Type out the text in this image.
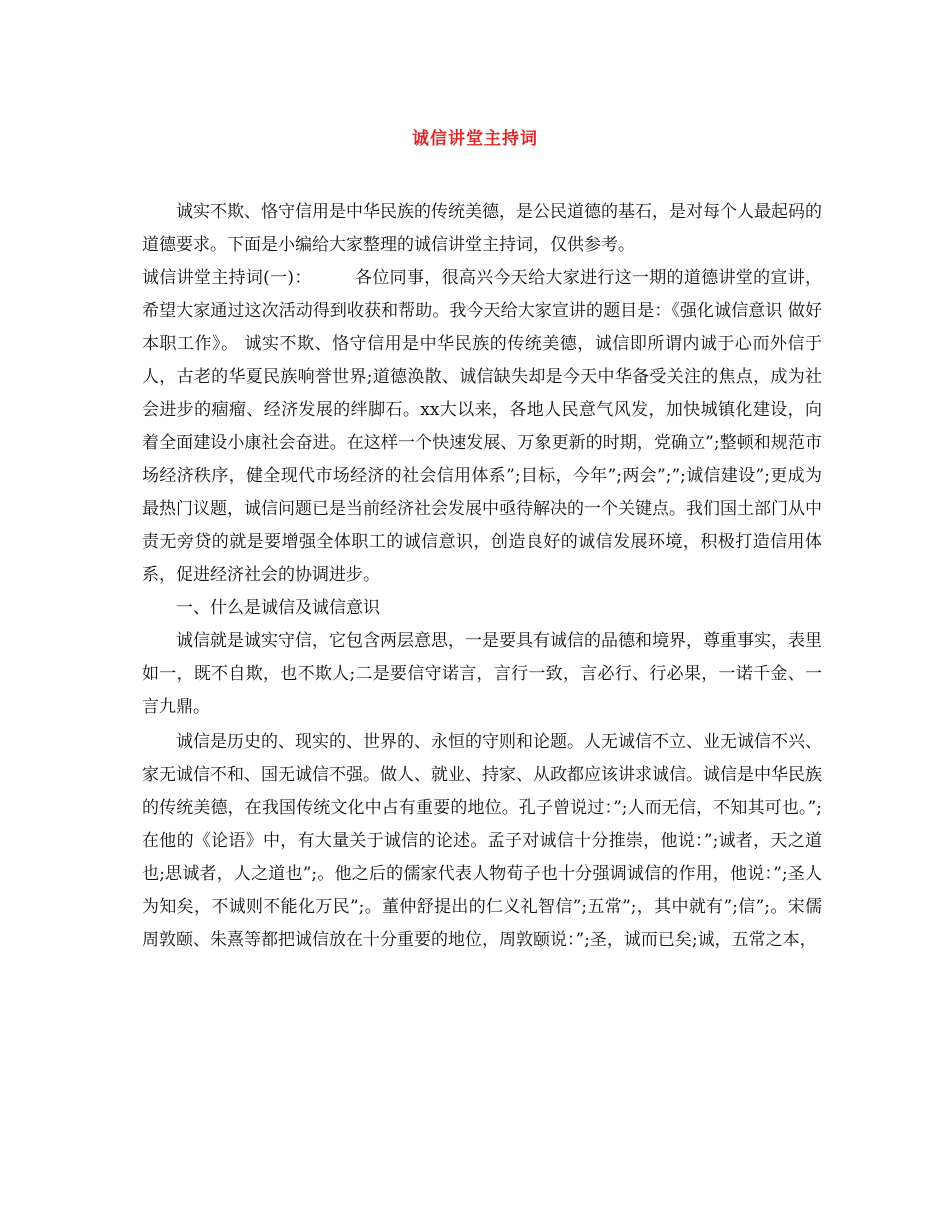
诚信讲堂主持词

诚实不欺、恪守信用是中华民族的传统美德，是公民道德的基石，是对每个人最起码的道德要求。下面是小编给大家整理的诚信讲堂主持词，仅供参考。

诚信讲堂主持词(一)：　　　各位同事，很高兴今天给大家进行这一期的道德讲堂的宣讲，希望大家通过这次活动得到收获和帮助。我今天给大家宣讲的题目是：《强化诚信意识 做好本职工作》。 诚实不欺、恪守信用是中华民族的传统美德，诚信即所谓内诚于心而外信于人，古老的华夏民族响誉世界;道德涣散、诚信缺失却是今天中华备受关注的焦点，成为社会进步的痼瘤、经济发展的绊脚石。xx大以来，各地人民意气风发，加快城镇化建设，向着全面建设小康社会奋进。在这样一个快速发展、万象更新的时期，党确立”;整顿和规范市场经济秩序，健全现代市场经济的社会信用体系”;目标，今年”;两会”;”;诚信建设”;更成为最热门议题，诚信问题已是当前经济社会发展中亟待解决的一个关键点。我们国土部门从中责无旁贷的就是要增强全体职工的诚信意识，创造良好的诚信发展环境，积极打造信用体系，促进经济社会的协调进步。

一、什么是诚信及诚信意识

诚信就是诚实守信，它包含两层意思，一是要具有诚信的品德和境界，尊重事实，表里如一，既不自欺，也不欺人;二是要信守诺言，言行一致，言必行、行必果，一诺千金、一言九鼎。

诚信是历史的、现实的、世界的、永恒的守则和论题。人无诚信不立、业无诚信不兴、家无诚信不和、国无诚信不强。做人、就业、持家、从政都应该讲求诚信。诚信是中华民族的传统美德，在我国传统文化中占有重要的地位。孔子曾说过：”;人而无信，不知其可也。”;在他的《论语》中，有大量关于诚信的论述。孟子对诚信十分推崇，他说：”;诚者，天之道也;思诚者，人之道也”;。他之后的儒家代表人物荀子也十分强调诚信的作用，他说：”;圣人为知矣，不诚则不能化万民”;。董仲舒提出的仁义礼智信”;五常”;，其中就有”;信”;。宋儒周敦颐、朱熹等都把诚信放在十分重要的地位，周敦颐说：”;圣，诚而已矣;诚，五常之本，
